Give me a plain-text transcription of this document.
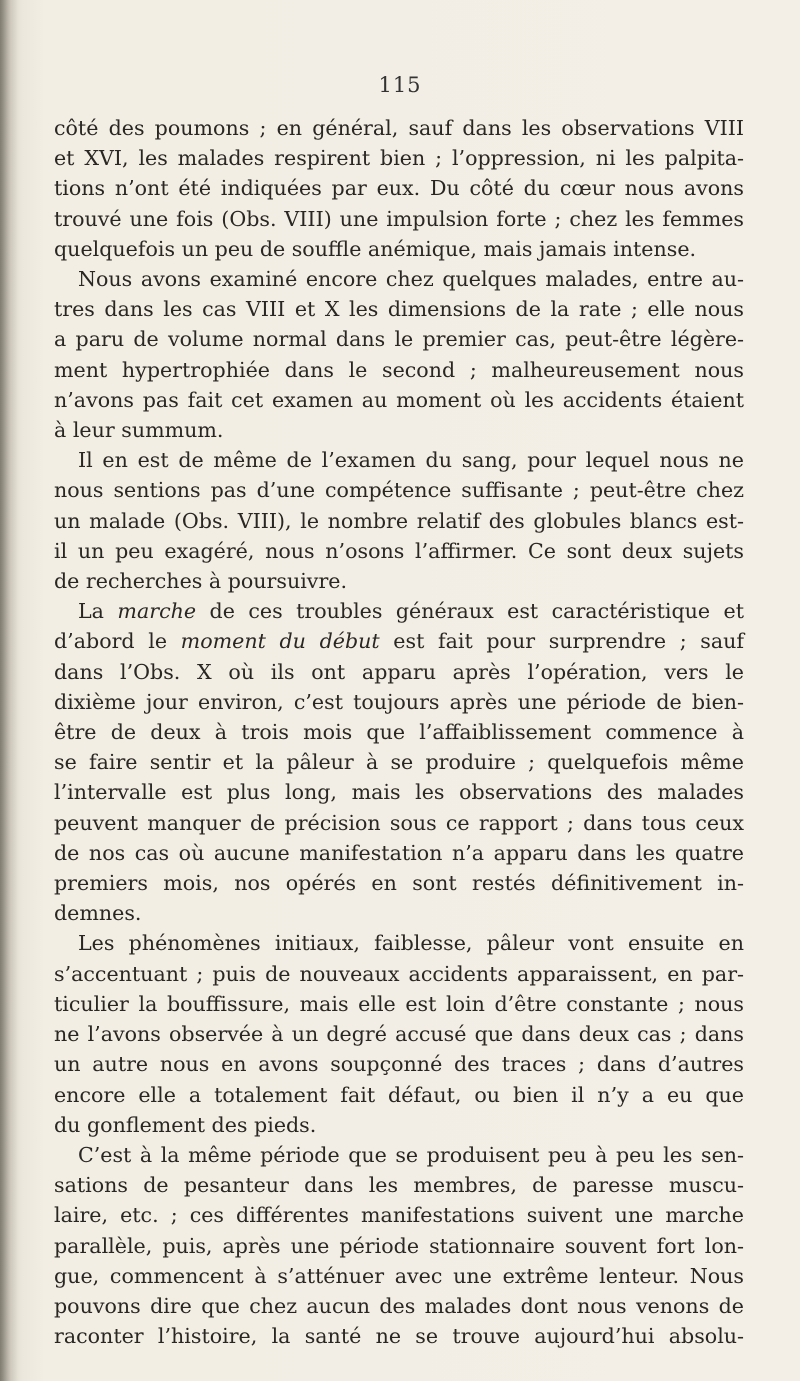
115
côté des poumons ; en général, sauf dans les observations VIII
et XVI, les malades respirent bien ; l’oppression, ni les palpita-
tions n’ont été indiquées par eux. Du côté du cœur nous avons
trouvé une fois (Obs. VIII) une impulsion forte ; chez les femmes
quelquefois un peu de souffle anémique, mais jamais intense.
Nous avons examiné encore chez quelques malades, entre au-
tres dans les cas VIII et X les dimensions de la rate ; elle nous
a paru de volume normal dans le premier cas, peut-être légère-
ment hypertrophiée dans le second ; malheureusement nous
n’avons pas fait cet examen au moment où les accidents étaient
à leur summum.
Il en est de même de l’examen du sang, pour lequel nous ne
nous sentions pas d’une compétence suffisante ; peut-être chez
un malade (Obs. VIII), le nombre relatif des globules blancs est-
il un peu exagéré, nous n’osons l’affirmer. Ce sont deux sujets
de recherches à poursuivre.
La marche de ces troubles généraux est caractéristique et
d’abord le moment du début est fait pour surprendre ; sauf
dans l’Obs. X où ils ont apparu après l’opération, vers le
dixième jour environ, c’est toujours après une période de bien-
être de deux à trois mois que l’affaiblissement commence à
se faire sentir et la pâleur à se produire ; quelquefois même
l’intervalle est plus long, mais les observations des malades
peuvent manquer de précision sous ce rapport ; dans tous ceux
de nos cas où aucune manifestation n’a apparu dans les quatre
premiers mois, nos opérés en sont restés définitivement in-
demnes.
Les phénomènes initiaux, faiblesse, pâleur vont ensuite en
s’accentuant ; puis de nouveaux accidents apparaissent, en par-
ticulier la bouffissure, mais elle est loin d’être constante ; nous
ne l’avons observée à un degré accusé que dans deux cas ; dans
un autre nous en avons soupçonné des traces ; dans d’autres
encore elle a totalement fait défaut, ou bien il n’y a eu que
du gonflement des pieds.
C’est à la même période que se produisent peu à peu les sen-
sations de pesanteur dans les membres, de paresse muscu-
laire, etc. ; ces différentes manifestations suivent une marche
parallèle, puis, après une période stationnaire souvent fort lon-
gue, commencent à s’atténuer avec une extrême lenteur. Nous
pouvons dire que chez aucun des malades dont nous venons de
raconter l’histoire, la santé ne se trouve aujourd’hui absolu-
